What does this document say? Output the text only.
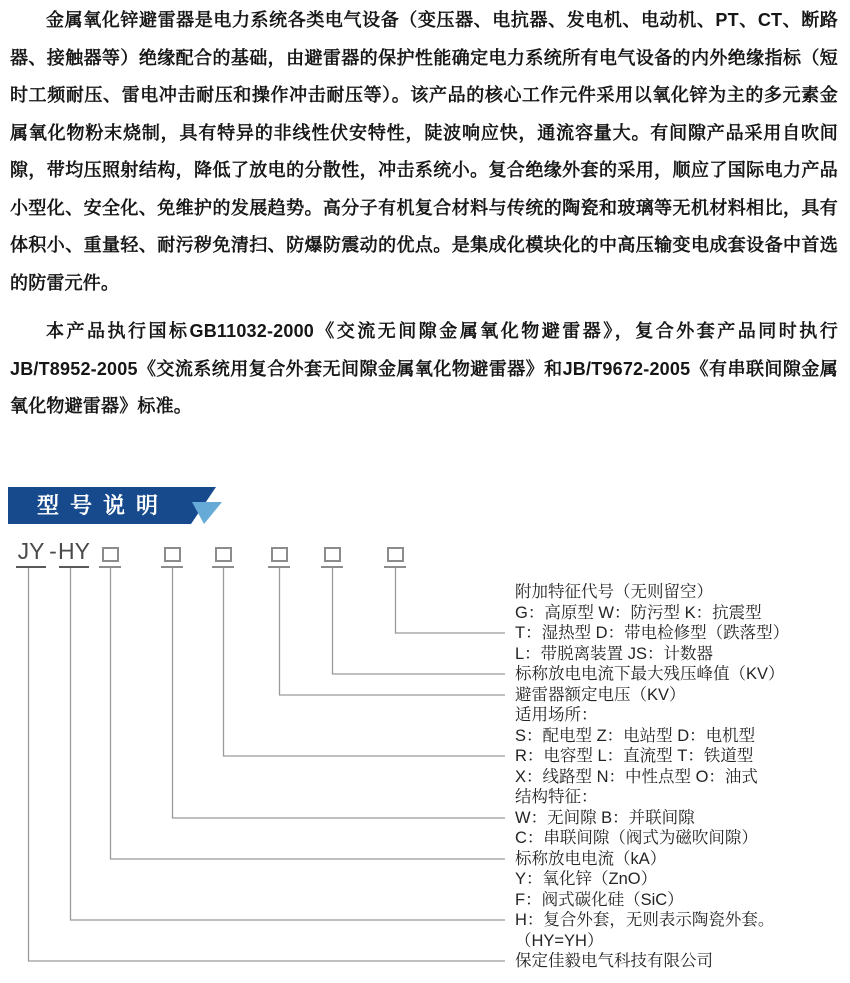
金属氧化锌避雷器是电力系统各类电气设备（变压器、电抗器、发电机、电动机、PT、CT、断路器、接触器等）绝缘配合的基础，由避雷器的保护性能确定电力系统所有电气设备的内外绝缘指标（短时工频耐压、雷电冲击耐压和操作冲击耐压等）。该产品的核心工作元件采用以氧化锌为主的多元素金属氧化物粉末烧制，具有特异的非线性伏安特性，陡波响应快，通流容量大。有间隙产品采用自吹间隙，带均压照射结构，降低了放电的分散性，冲击系统小。复合绝缘外套的采用，顺应了国际电力产品小型化、安全化、免维护的发展趋势。高分子有机复合材料与传统的陶瓷和玻璃等无机材料相比，具有体积小、重量轻、耐污秽免清扫、防爆防震动的优点。是集成化模块化的中高压输变电成套设备中首选的防雷元件。

本产品执行国标GB11032-2000《交流无间隙金属氧化物避雷器》，复合外套产品同时执行JB/T8952-2005《交流系统用复合外套无间隙金属氧化物避雷器》和JB/T9672-2005《有串联间隙金属氧化物避雷器》标准。

型号说明
JY - HY
附加特征代号（无则留空）
G：高原型 W：防污型 K：抗震型
T：湿热型 D：带电检修型（跌落型）
L：带脱离装置 JS：计数器
标称放电电流下最大残压峰值（KV）
避雷器额定电压（KV）
适用场所：
S：配电型 Z：电站型 D：电机型
R：电容型 L：直流型 T：铁道型
X：线路型 N：中性点型 O：油式
结构特征：
W：无间隙 B：并联间隙
C：串联间隙（阀式为磁吹间隙）
标称放电电流（kA）
Y：氧化锌（ZnO）
F：阀式碳化硅（SiC）
H：复合外套，无则表示陶瓷外套。
（HY=YH）
保定佳毅电气科技有限公司
